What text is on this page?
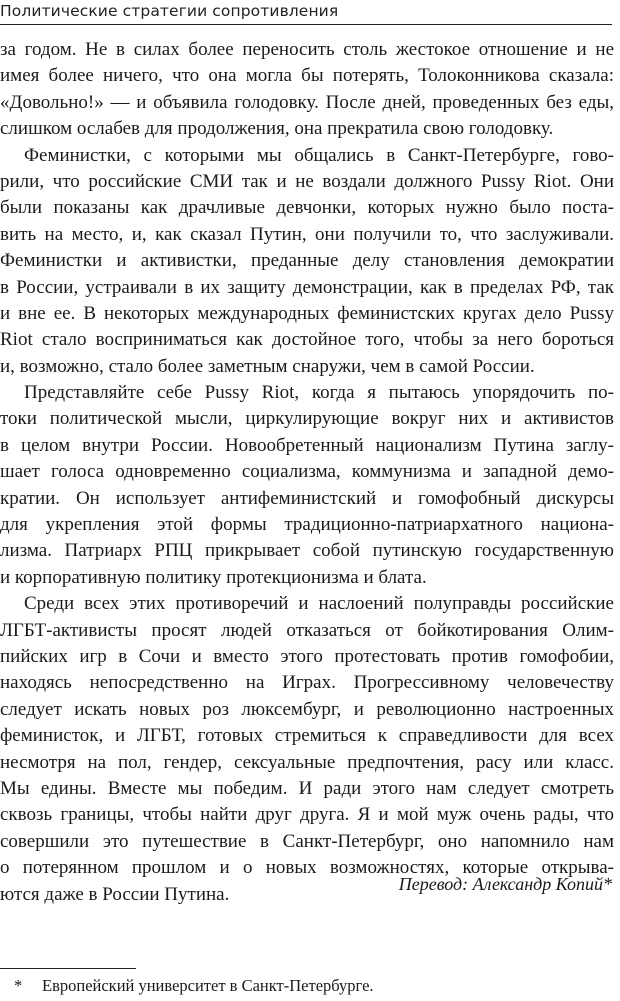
Политические стратегии сопротивления
за годом. Не в силах более переносить столь жестокое отношение и не
имея более ничего, что она могла бы потерять, Толоконникова сказала:
«Довольно!» — и объявила голодовку. После дней, проведенных без еды,
слишком ослабев для продолжения, она прекратила свою голодовку.
Феминистки, с которыми мы общались в Санкт-Петербурге, гово-
рили, что российские СМИ так и не воздали должного Pussy Riot. Они
были показаны как драчливые девчонки, которых нужно было поста-
вить на место, и, как сказал Путин, они получили то, что заслуживали.
Феминистки и активистки, преданные делу становления демократии
в России, устраивали в их защиту демонстрации, как в пределах РФ, так
и вне ее. В некоторых международных феминистских кругах дело Pussy
Riot стало восприниматься как достойное того, чтобы за него бороться
и, возможно, стало более заметным снаружи, чем в самой России.
Представляйте себе Pussy Riot, когда я пытаюсь упорядочить по-
токи политической мысли, циркулирующие вокруг них и активистов
в целом внутри России. Новообретенный национализм Путина заглу-
шает голоса одновременно социализма, коммунизма и западной демо-
кратии. Он использует антифеминистский и гомофобный дискурсы
для укрепления этой формы традиционно-патриархатного национа-
лизма. Патриарх РПЦ прикрывает собой путинскую государственную
и корпоративную политику протекционизма и блата.
Среди всех этих противоречий и наслоений полуправды российские
ЛГБТ-активисты просят людей отказаться от бойкотирования Олим-
пийских игр в Сочи и вместо этого протестовать против гомофобии,
находясь непосредственно на Играх. Прогрессивному человечеству
следует искать новых роз люксембург, и революционно настроенных
феминисток, и ЛГБТ, готовых стремиться к справедливости для всех
несмотря на пол, гендер, сексуальные предпочтения, расу или класс.
Мы едины. Вместе мы победим. И ради этого нам следует смотреть
сквозь границы, чтобы найти друг друга. Я и мой муж очень рады, что
совершили это путешествие в Санкт-Петербург, оно напомнило нам
о потерянном прошлом и о новых возможностях, которые открыва-
ются даже в России Путина.	Перевод: Александр Копий*
* Европейский университет в Санкт-Петербурге.
